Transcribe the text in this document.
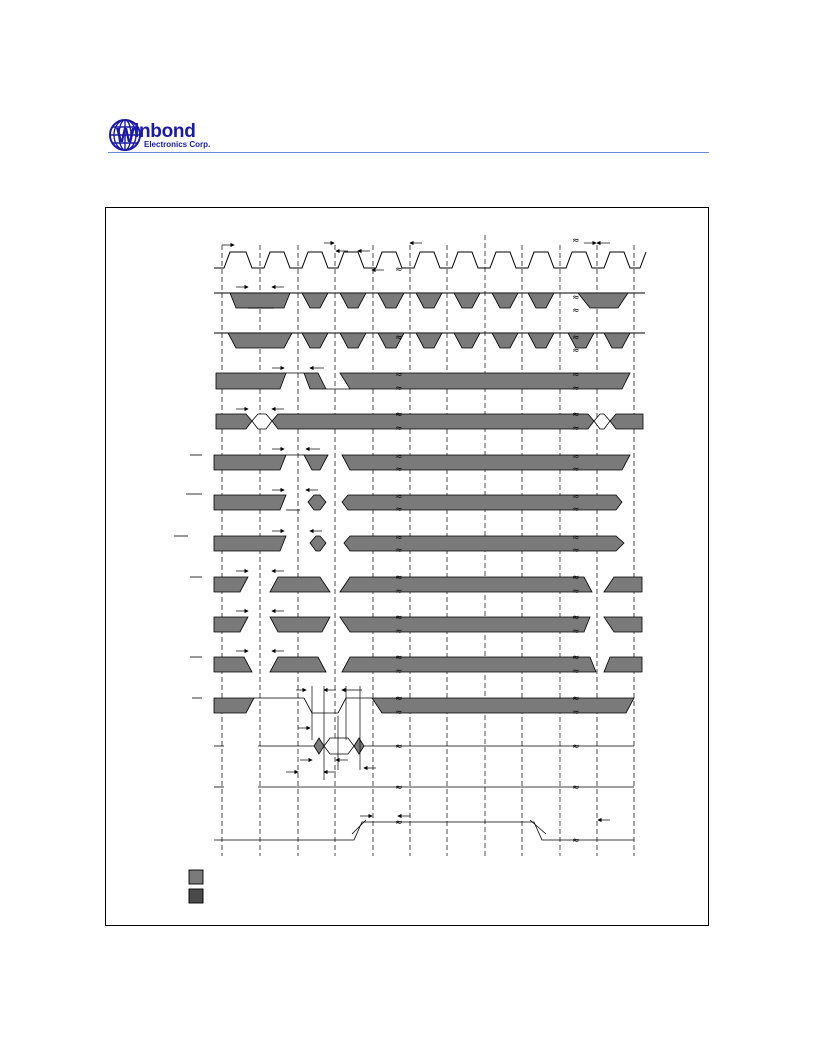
W inbond
Electronics Corp.
≈
≈
≈
≈
≈	≈
≈
≈
≈
≈
≈
≈
≈
≈
≈
≈
≈
≈
≈
≈
≈
≈
≈
≈
≈
≈
≈
≈
≈
≈
≈
≈
≈
≈
≈
≈
≈
≈
≈
≈
≈
≈
≈
≈	≈
≈	≈
≈
≈
